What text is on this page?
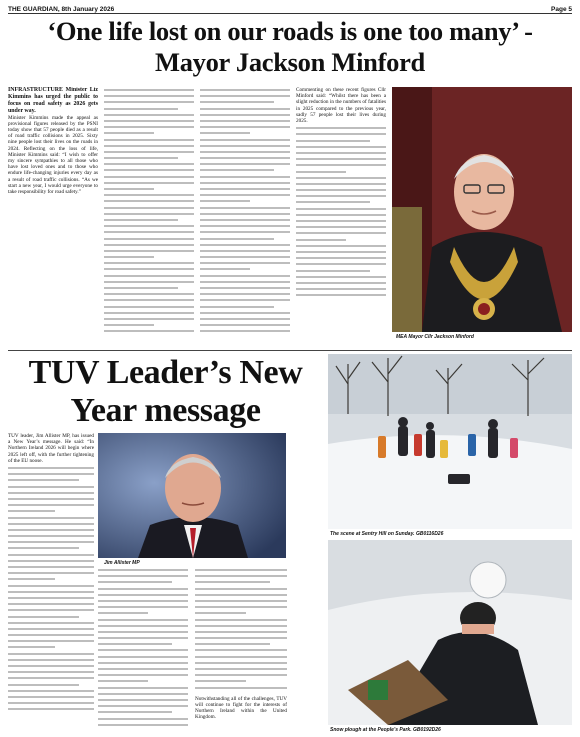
THE GUARDIAN, 8th January 2026	Page 5
‘One life lost on our roads is one too many’ - Mayor Jackson Minford

INFRASTRUCTURE Minister Liz Kimmins has urged the public to focus on road safety as 2026 gets under way.

Minister Kimmins made the appeal as provisional figures released by the PSNI today show that 57 people died as a result of road traffic collisions in 2025. Sixty nine people lost their lives on the roads in 2024. Reflecting on the loss of life, Minister Kimmins said: “I wish to offer my sincere sympathies to all those who have lost loved ones and to those who endure life-changing injuries every day as a result of road traffic collisions. “As we start a new year, I would urge everyone to take responsibility for road safety.”

Commenting on these recent figures Cllr Minford said: “Whilst there has been a slight reduction in the numbers of fatalities in 2025 compared to the previous year, sadly 57 people lost their lives during 2025.

MEA Mayor Cllr Jackson Minford
TUV Leader’s New Year message

TUV leader, Jim Allister MP, has issued a New Year’s message. He said: “In Northern Ireland 2026 will begin where 2025 left off, with the further tightening of the EU noose.

Jim Allister MP

Notwithstanding all of the challenges, TUV will continue to fight for the interests of Northern Ireland within the United Kingdom.

The scene at Sentry Hill on Sunday. GB0116D26
Snow plough at the People’s Park. GB0192D26
